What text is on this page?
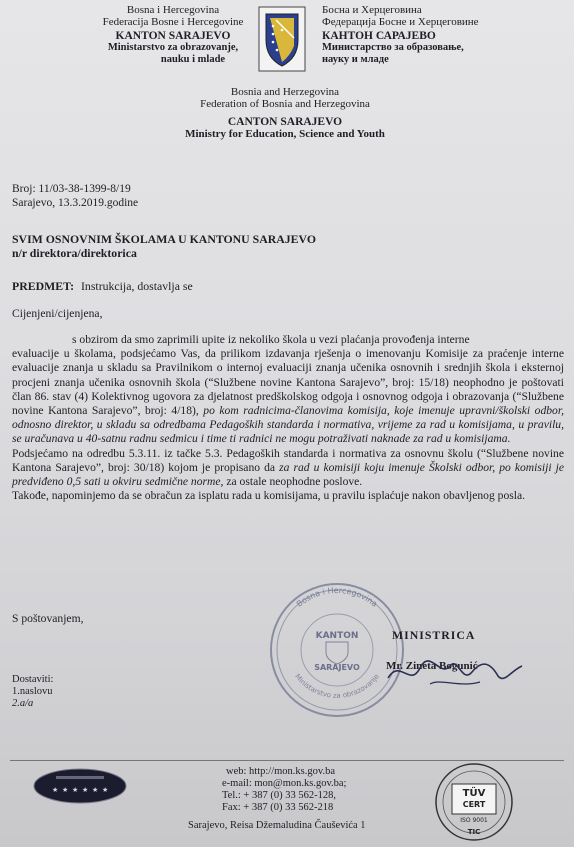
Bosna i Hercegovina
Federacija Bosne i Hercegovine
KANTON SARAJEVO
Ministarstvo za obrazovanje,
nauku i mlade
Босна и Херцеговина
Федерација Босне и Херцеговине
КАНТОН САРАЈЕВО
Министарство за образовање,
науку и младе
Bosnia and Herzegovina
Federation of Bosnia and Herzegovina
CANTON SARAJEVO
Ministry for Education, Science and Youth
Broj: 11/03-38-1399-8/19
Sarajevo, 13.3.2019.godine
SVIM OSNOVNIM ŠKOLAMA U KANTONU SARAJEVO
n/r direktora/direktorica
PREDMET: Instrukcija, dostavlja se
Cijenjeni/cijenjena,

s obzirom da smo zaprimili upite iz nekoliko škola u vezi plaćanja provođenja interne

evaluacije u školama, podsjećamo Vas, da prilikom izdavanja rješenja o imenovanju Komisije za praćenje interne evaluacije znanja u skladu sa Pravilnikom o internoj evaluaciji znanja učenika osnovnih i srednjih škola i eksternoj procjeni znanja učenika osnovnih škola (“Službene novine Kantona Sarajevo”, broj: 15/18) neophodno je poštovati član 86. stav (4) Kolektivnog ugovora za djelatnost predškolskog odgoja i osnovnog odgoja i obrazovanja (“Službene novine Kantona Sarajevo”, broj: 4/18), po kom radnicima-članovima komisija, koje imenuje upravni/školski odbor, odnosno direktor, u skladu sa odredbama Pedagoških standarda i normativa, vrijeme za rad u komisijama, u pravilu, se uračunava u 40-satnu radnu sedmicu i time ti radnici ne mogu potraživati naknade za rad u komisijama.

Podsjećamo na odredbu 5.3.11. iz tačke 5.3. Pedagoških standarda i normativa za osnovnu školu (“Službene novine Kantona Sarajevo”, broj: 30/18) kojom je propisano da za rad u komisiji koju imenuje Školski odbor, po komisiji je predviđeno 0,5 sati u okviru sedmične norme, za ostale neophodne poslove.

Takođe, napominjemo da se obračun za isplatu rada u komisijama, u pravilu isplaćuje nakon obavljenog posla.

S poštovanjem,
Bosna i Hercegovina
Ministarstvo za obrazovanje
KANTON
SARAJEVO
MINISTRICA
Mr. Zineta Bogunić
Dostaviti:
1.naslovu
2.a/a
★ ★ ★ ★ ★ ★
web: http://mon.ks.gov.ba
e-mail: mon@mon.ks.gov.ba;
Tel.: + 387 (0) 33 562-128,
Fax: + 387 (0) 33 562-218
Sarajevo, Reisa Džemaludina Čauševića 1
TÜV
CERT
ISO 9001
TIC
